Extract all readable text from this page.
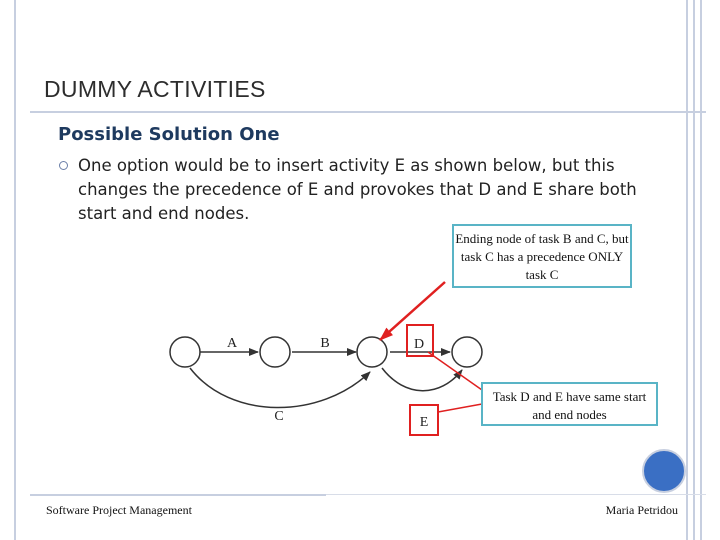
DUMMY ACTIVITIES
Possible Solution One
One option would be to insert activity E as shown below, but this changes the precedence of E and provokes that D and E share both start and end nodes.
A	B	D
C	E
Ending node of task B and C, but task C has a precedence ONLY task C
Task D and E have same start and end nodes
Software Project Management	Maria Petridou
